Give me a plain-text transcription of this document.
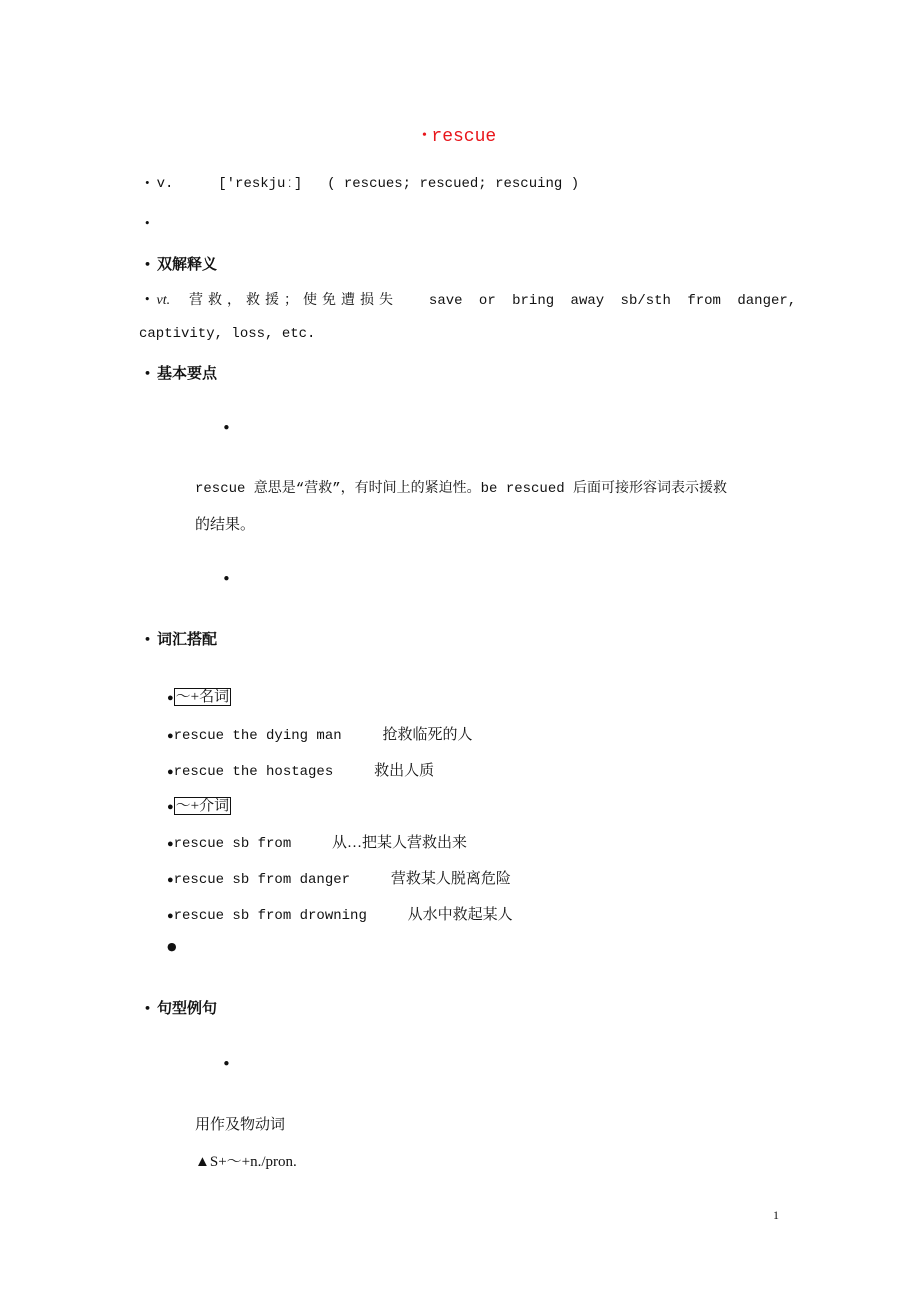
• rescue
• v.	['reskjuː] ( rescues; rescued; rescuing )
•
• 双解释义
• vt. 营救，救援；使免遭损失 save or bring away sb/sth from danger,
captivity, loss, etc.
• 基本要点
•
rescue 意思是“营救”，有时间上的紧迫性。be rescued 后面可接形容词表示援救
的结果。
•
• 词汇搭配
● ～+名词
●rescue the dying man	抢救临死的人
●rescue the hostages	救出人质
● ～+介词
●rescue sb from	从…把某人营救出来
●rescue sb from danger	营救某人脱离危险
●rescue sb from drowning	从水中救起某人
●
• 句型例句
•
用作及物动词
▲S+～+n./pron.
1
